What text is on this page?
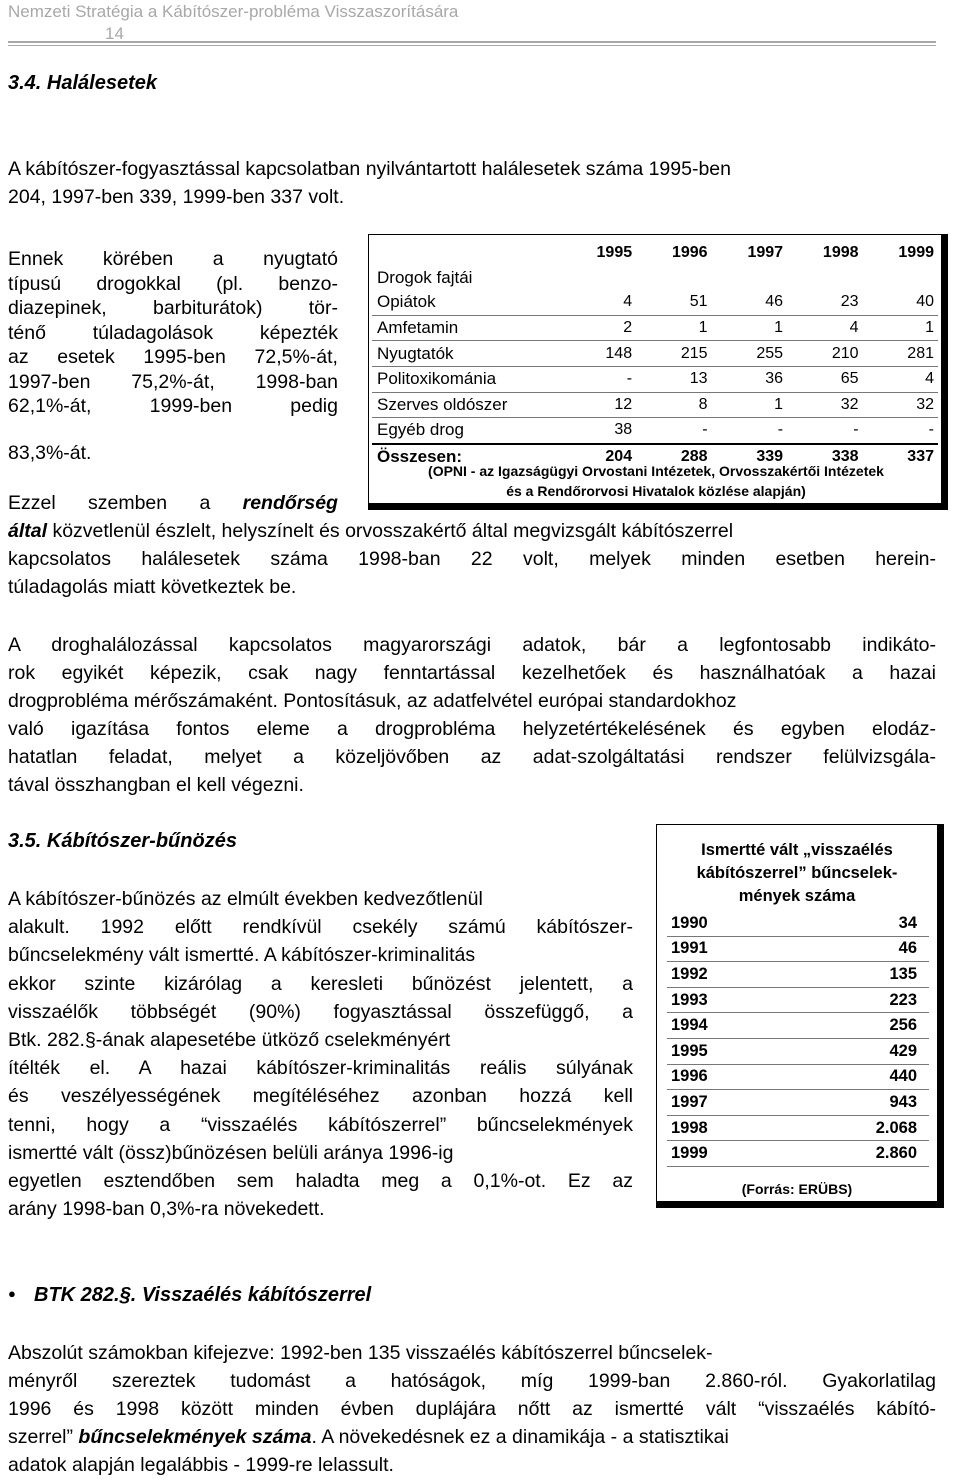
Nemzeti Stratégia a Kábítószer-probléma Visszaszorítására
14
3.4. Halálesetek
A kábítószer-fogyasztással kapcsolatban nyilvántartott halálesetek száma 1995-ben
204, 1997-ben 339, 1999-ben 337 volt.
Ennek körében a nyugtató
típusú drogokkal (pl. benzo-
diazepinek, barbiturátok) tör-
ténő túladagolások képezték
az esetek 1995-ben 72,5%-át,
1997-ben 75,2%-át, 1998-ban
62,1%-át,	1999-ben	pedig
83,3%-át.
Ezzel szemben a rendőrség
által közvetlenül észlelt, helyszínelt és orvosszakértő által megvizsgált kábítószerrel
kapcsolatos halálesetek száma 1998-ban 22 volt, melyek minden esetben herein-
túladagolás miatt következtek be.
A droghalálozással kapcsolatos magyarországi adatok, bár a legfontosabb indikáto-
rok egyikét képezik, csak nagy fenntartással kezelhetőek és használhatóak a hazai
drogprobléma mérőszámaként. Pontosításuk, az adatfelvétel európai standardokhoz
való igazítása fontos eleme a drogprobléma helyzetértékelésének és egyben elodáz-
hatatlan feladat, melyet a közeljövőben az adat-szolgáltatási rendszer felülvizsgála-
tával összhangban el kell végezni.
	1995	1996	1997	1998	1999
Drogok fajtái					
Opiátok	4	51	46	23	40
Amfetamin	2	1	1	4	1
Nyugtatók	148	215	255	210	281
Politoxikománia	-	13	36	65	4
Szerves oldószer	12	8	1	32	32
Egyéb drog	38	-	-	-	-
Összesen:	204	288	339	338	337
(OPNI - az Igazságügyi Orvostani Intézetek, Orvosszakértői Intézetek
és a Rendőrorvosi Hivatalok közlése alapján)
3.5. Kábítószer-bűnözés
A kábítószer-bűnözés az elmúlt években kedvezőtlenül
alakult. 1992 előtt rendkívül csekély számú kábítószer-
bűncselekmény vált ismertté. A kábítószer-kriminalitás
ekkor szinte kizárólag a keresleti bűnözést jelentett, a
visszaélők többségét (90%) fogyasztással összefüggő, a
Btk. 282.§-ának alapesetébe ütköző cselekményért
ítélték el. A hazai kábítószer-kriminalitás reális súlyának
és veszélyességének megítéléséhez azonban hozzá kell
tenni, hogy a “visszaélés kábítószerrel” bűncselekmények
ismertté vált (össz)bűnözésen belüli aránya 1996-ig
egyetlen esztendőben sem haladta meg a 0,1%-ot. Ez az
arány 1998-ban 0,3%-ra növekedett.
Ismertté vált „visszaélés
kábítószerrel” bűncselek-
mények száma
1990	34
1991	46
1992	135
1993	223
1994	256
1995	429
1996	440
1997	943
1998	2.068
1999	2.860
(Forrás: ERÜBS)
● BTK 282.§. Visszaélés kábítószerrel
Abszolút számokban kifejezve: 1992-ben 135 visszaélés kábítószerrel bűncselek-
ményről szereztek tudomást a hatóságok, míg 1999-ban 2.860-ról. Gyakorlatilag
1996 és 1998 között minden évben duplájára nőtt az ismertté vált “visszaélés kábító-
szerrel” bűncselekmények száma. A növekedésnek ez a dinamikája - a statisztikai
adatok alapján legalábbis - 1999-re lelassult.
